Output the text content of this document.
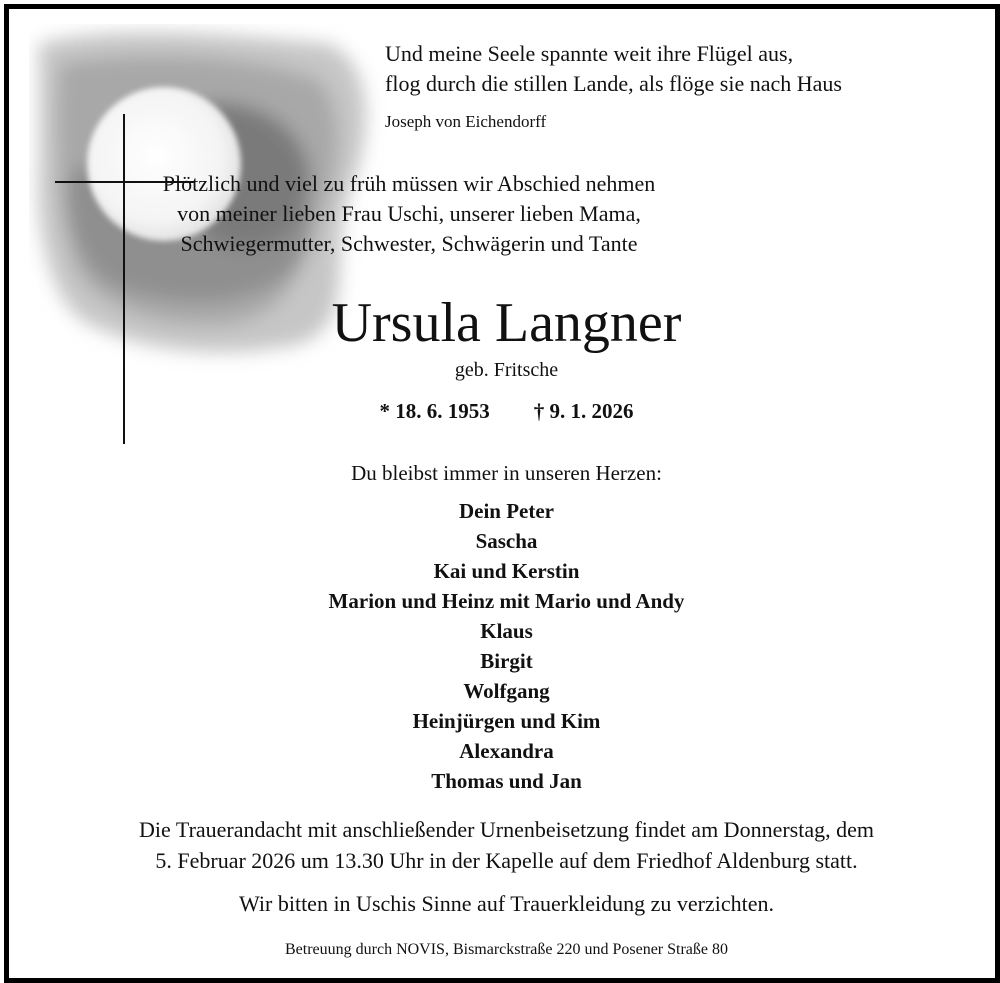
Und meine Seele spannte weit ihre Flügel aus,
flog durch die stillen Lande, als flöge sie nach Haus
Joseph von Eichendorff
Plötzlich und viel zu früh müssen wir Abschied nehmen
von meiner lieben Frau Uschi, unserer lieben Mama,
Schwiegermutter, Schwester, Schwägerin und Tante
Ursula Langner
geb. Fritsche
* 18. 6. 1953 † 9. 1. 2026
Du bleibst immer in unseren Herzen:
Dein Peter
Sascha
Kai und Kerstin
Marion und Heinz mit Mario und Andy
Klaus
Birgit
Wolfgang
Heinjürgen und Kim
Alexandra
Thomas und Jan
Die Trauerandacht mit anschließender Urnenbeisetzung findet am Donnerstag, dem
5. Februar 2026 um 13.30 Uhr in der Kapelle auf dem Friedhof Aldenburg statt.
Wir bitten in Uschis Sinne auf Trauerkleidung zu verzichten.
Betreuung durch NOVIS, Bismarckstraße 220 und Posener Straße 80
